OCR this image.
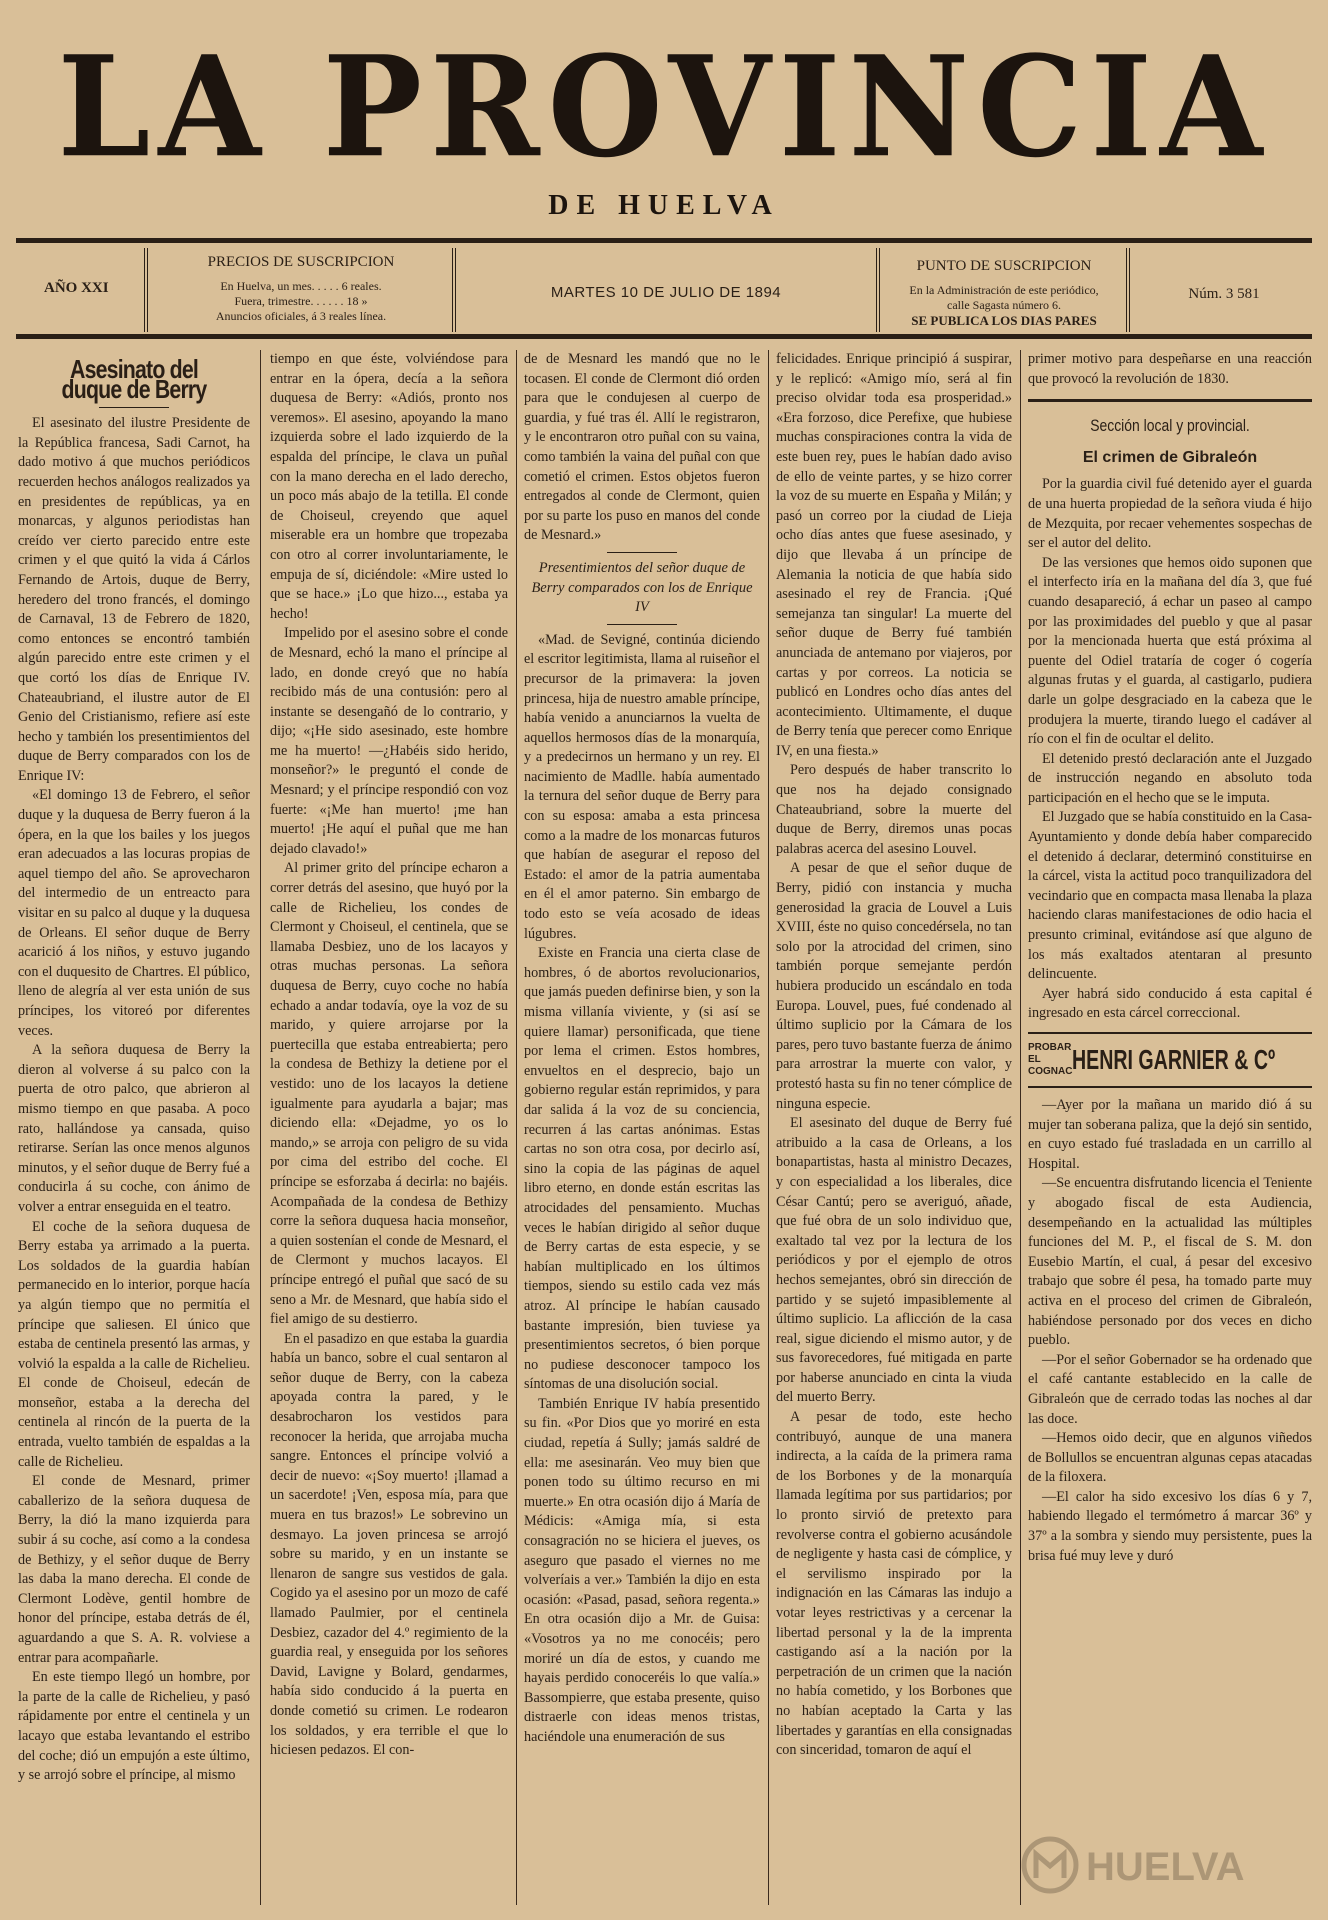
LA PROVINCIA
DE HUELVA
AÑO XXI
PRECIOS DE SUSCRIPCION
En Huelva, un mes. . . . . 6 reales.
Fuera, trimestre. . . . . . 18 »
Anuncios oficiales, á 3 reales línea.
MARTES 10 DE JULIO DE 1894
PUNTO DE SUSCRIPCION
En la Administración de este periódico,
calle Sagasta número 6.
SE PUBLICA LOS DIAS PARES
Núm. 3 581
Asesinato del duque de Berry

El asesinato del ilustre Presidente de la República francesa, Sadi Carnot, ha dado motivo á que muchos periódicos recuerden hechos análogos realizados ya en presidentes de repúblicas, ya en monarcas, y algunos periodistas han creído ver cierto parecido entre este crimen y el que quitó la vida á Cárlos Fernando de Artois, duque de Berry, heredero del trono francés, el domingo de Carnaval, 13 de Febrero de 1820, como entonces se encontró también algún parecido entre este crimen y el que cortó los días de Enrique IV. Chateaubriand, el ilustre autor de El Genio del Cristianismo, refiere así este hecho y también los presentimientos del duque de Berry comparados con los de Enrique IV:

«El domingo 13 de Febrero, el señor duque y la duquesa de Berry fueron á la ópera, en la que los bailes y los juegos eran adecuados a las locuras propias de aquel tiempo del año. Se aprovecharon del intermedio de un entreacto para visitar en su palco al duque y la duquesa de Orleans. El señor duque de Berry acarició á los niños, y estuvo jugando con el duquesito de Chartres. El público, lleno de alegría al ver esta unión de sus príncipes, los vitoreó por diferentes veces.

A la señora duquesa de Berry la dieron al volverse á su palco con la puerta de otro palco, que abrieron al mismo tiempo en que pasaba. A poco rato, hallándose ya cansada, quiso retirarse. Serían las once menos algunos minutos, y el señor duque de Berry fué a conducirla á su coche, con ánimo de volver a entrar enseguida en el teatro.

El coche de la señora duquesa de Berry estaba ya arrimado a la puerta. Los soldados de la guardia habían permanecido en lo interior, porque hacía ya algún tiempo que no permitía el príncipe que saliesen. El único que estaba de centinela presentó las armas, y volvió la espalda a la calle de Richelieu. El conde de Choiseul, edecán de monseñor, estaba a la derecha del centinela al rincón de la puerta de la entrada, vuelto también de espaldas a la calle de Richelieu.

El conde de Mesnard, primer caballerizo de la señora duquesa de Berry, la dió la mano izquierda para subir á su coche, así como a la condesa de Bethizy, y el señor duque de Berry las daba la mano derecha. El conde de Clermont Lodève, gentil hombre de honor del príncipe, estaba detrás de él, aguardando a que S. A. R. volviese a entrar para acompañarle.

En este tiempo llegó un hombre, por la parte de la calle de Richelieu, y pasó rápidamente por entre el centinela y un lacayo que estaba levantando el estribo del coche; dió un empujón a este último, y se arrojó sobre el príncipe, al mismo

tiempo en que éste, volviéndose para entrar en la ópera, decía a la señora duquesa de Berry: «Adiós, pronto nos veremos». El asesino, apoyando la mano izquierda sobre el lado izquierdo de la espalda del príncipe, le clava un puñal con la mano derecha en el lado derecho, un poco más abajo de la tetilla. El conde de Choiseul, creyendo que aquel miserable era un hombre que tropezaba con otro al correr involuntariamente, le empuja de sí, diciéndole: «Mire usted lo que se hace.» ¡Lo que hizo..., estaba ya hecho!

Impelido por el asesino sobre el conde de Mesnard, echó la mano el príncipe al lado, en donde creyó que no había recibido más de una contusión: pero al instante se desengañó de lo contrario, y dijo; «¡He sido asesinado, este hombre me ha muerto! —¿Habéis sido herido, monseñor?» le preguntó el conde de Mesnard; y el príncipe respondió con voz fuerte: «¡Me han muerto! ¡me han muerto! ¡He aquí el puñal que me han dejado clavado!»

Al primer grito del príncipe echaron a correr detrás del asesino, que huyó por la calle de Richelieu, los condes de Clermont y Choiseul, el centinela, que se llamaba Desbiez, uno de los lacayos y otras muchas personas. La señora duquesa de Berry, cuyo coche no había echado a andar todavía, oye la voz de su marido, y quiere arrojarse por la puertecilla que estaba entreabierta; pero la condesa de Bethizy la detiene por el vestido: uno de los lacayos la detiene igualmente para ayudarla a bajar; mas diciendo ella: «Dejadme, yo os lo mando,» se arroja con peligro de su vida por cima del estribo del coche. El príncipe se esforzaba á decirla: no bajéis. Acompañada de la condesa de Bethizy corre la señora duquesa hacia monseñor, a quien sostenían el conde de Mesnard, el de Clermont y muchos lacayos. El príncipe entregó el puñal que sacó de su seno a Mr. de Mesnard, que había sido el fiel amigo de su destierro.

En el pasadizo en que estaba la guardia había un banco, sobre el cual sentaron al señor duque de Berry, con la cabeza apoyada contra la pared, y le desabrocharon los vestidos para reconocer la herida, que arrojaba mucha sangre. Entonces el príncipe volvió a decir de nuevo: «¡Soy muerto! ¡llamad a un sacerdote! ¡Ven, esposa mía, para que muera en tus brazos!» Le sobrevino un desmayo. La joven princesa se arrojó sobre su marido, y en un instante se llenaron de sangre sus vestidos de gala. Cogido ya el asesino por un mozo de café llamado Paulmier, por el centinela Desbiez, cazador del 4.º regimiento de la guardia real, y enseguida por los señores David, Lavigne y Bolard, gendarmes, había sido conducido á la puerta en donde cometió su crimen. Le rodearon los soldados, y era terrible el que lo hiciesen pedazos. El con-

de de Mesnard les mandó que no le tocasen. El conde de Clermont dió orden para que le condujesen al cuerpo de guardia, y fué tras él. Allí le registraron, y le encontraron otro puñal con su vaina, como también la vaina del puñal con que cometió el crimen. Estos objetos fueron entregados al conde de Clermont, quien por su parte los puso en manos del conde de Mesnard.»

Presentimientos del señor duque de Berry comparados con los de Enrique IV

«Mad. de Sevigné, continúa diciendo el escritor legitimista, llama al ruiseñor el precursor de la primavera: la joven princesa, hija de nuestro amable príncipe, había venido a anunciarnos la vuelta de aquellos hermosos días de la monarquía, y a predecirnos un hermano y un rey. El nacimiento de Madlle. había aumentado la ternura del señor duque de Berry para con su esposa: amaba a esta princesa como a la madre de los monarcas futuros que habían de asegurar el reposo del Estado: el amor de la patria aumentaba en él el amor paterno. Sin embargo de todo esto se veía acosado de ideas lúgubres.

Existe en Francia una cierta clase de hombres, ó de abortos revolucionarios, que jamás pueden definirse bien, y son la misma villanía viviente, y (si así se quiere llamar) personificada, que tiene por lema el crimen. Estos hombres, envueltos en el desprecio, bajo un gobierno regular están reprimidos, y para dar salida á la voz de su conciencia, recurren á las cartas anónimas. Estas cartas no son otra cosa, por decirlo así, sino la copia de las páginas de aquel libro eterno, en donde están escritas las atrocidades del pensamiento. Muchas veces le habían dirigido al señor duque de Berry cartas de esta especie, y se habían multiplicado en los últimos tiempos, siendo su estilo cada vez más atroz. Al príncipe le habían causado bastante impresión, bien tuviese ya presentimientos secretos, ó bien porque no pudiese desconocer tampoco los síntomas de una disolución social.

También Enrique IV había presentido su fin. «Por Dios que yo moriré en esta ciudad, repetía á Sully; jamás saldré de ella: me asesinarán. Veo muy bien que ponen todo su último recurso en mi muerte.» En otra ocasión dijo á María de Médicis: «Amiga mía, si esta consagración no se hiciera el jueves, os aseguro que pasado el viernes no me volveríais a ver.» También la dijo en esta ocasión: «Pasad, pasad, señora regenta.» En otra ocasión dijo a Mr. de Guisa: «Vosotros ya no me conocéis; pero moriré un día de estos, y cuando me hayais perdido conoceréis lo que valía.» Bassompierre, que estaba presente, quiso distraerle con ideas menos tristas, haciéndole una enumeración de sus

felicidades. Enrique principió á suspirar, y le replicó: «Amigo mío, será al fin preciso olvidar toda esa prosperidad.» «Era forzoso, dice Perefixe, que hubiese muchas conspiraciones contra la vida de este buen rey, pues le habían dado aviso de ello de veinte partes, y se hizo correr la voz de su muerte en España y Milán; y pasó un correo por la ciudad de Lieja ocho días antes que fuese asesinado, y dijo que llevaba á un príncipe de Alemania la noticia de que había sido asesinado el rey de Francia. ¡Qué semejanza tan singular! La muerte del señor duque de Berry fué también anunciada de antemano por viajeros, por cartas y por correos. La noticia se publicó en Londres ocho días antes del acontecimiento. Ultimamente, el duque de Berry tenía que perecer como Enrique IV, en una fiesta.»

Pero después de haber transcrito lo que nos ha dejado consignado Chateaubriand, sobre la muerte del duque de Berry, diremos unas pocas palabras acerca del asesino Louvel.

A pesar de que el señor duque de Berry, pidió con instancia y mucha generosidad la gracia de Louvel a Luis XVIII, éste no quiso concedérsela, no tan solo por la atrocidad del crimen, sino también porque semejante perdón hubiera producido un escándalo en toda Europa. Louvel, pues, fué condenado al último suplicio por la Cámara de los pares, pero tuvo bastante fuerza de ánimo para arrostrar la muerte con valor, y protestó hasta su fin no tener cómplice de ninguna especie.

El asesinato del duque de Berry fué atribuido a la casa de Orleans, a los bonapartistas, hasta al ministro Decazes, y con especialidad a los liberales, dice César Cantú; pero se averiguó, añade, que fué obra de un solo individuo que, exaltado tal vez por la lectura de los periódicos y por el ejemplo de otros hechos semejantes, obró sin dirección de partido y se sujetó impasiblemente al último suplicio. La aflicción de la casa real, sigue diciendo el mismo autor, y de sus favorecedores, fué mitigada en parte por haberse anunciado en cinta la viuda del muerto Berry.

A pesar de todo, este hecho contribuyó, aunque de una manera indirecta, a la caída de la primera rama de los Borbones y de la monarquía llamada legítima por sus partidarios; por lo pronto sirvió de pretexto para revolverse contra el gobierno acusándole de negligente y hasta casi de cómplice, y el servilismo inspirado por la indignación en las Cámaras las indujo a votar leyes restrictivas y a cercenar la libertad personal y la de la imprenta castigando así a la nación por la perpetración de un crimen que la nación no había cometido, y los Borbones que no habían aceptado la Carta y las libertades y garantías en ella consignadas con sinceridad, tomaron de aquí el

primer motivo para despeñarse en una reacción que provocó la revolución de 1830.

Sección local y provincial.
El crimen de Gibraleón

Por la guardia civil fué detenido ayer el guarda de una huerta propiedad de la señora viuda é hijo de Mezquita, por recaer vehementes sospechas de ser el autor del delito.

De las versiones que hemos oido suponen que el interfecto iría en la mañana del día 3, que fué cuando desapareció, á echar un paseo al campo por las proximidades del pueblo y que al pasar por la mencionada huerta que está próxima al puente del Odiel trataría de coger ó cogería algunas frutas y el guarda, al castigarlo, pudiera darle un golpe desgraciado en la cabeza que le produjera la muerte, tirando luego el cadáver al río con el fin de ocultar el delito.

El detenido prestó declaración ante el Juzgado de instrucción negando en absoluto toda participación en el hecho que se le imputa.

El Juzgado que se había constituido en la Casa-Ayuntamiento y donde debía haber comparecido el detenido á declarar, determinó constituirse en la cárcel, vista la actitud poco tranquilizadora del vecindario que en compacta masa llenaba la plaza haciendo claras manifestaciones de odio hacia el presunto criminal, evitándose así que alguno de los más exaltados atentaran al presunto delincuente.

Ayer habrá sido conducido á esta capital é ingresado en esta cárcel correccional.

PROBAR
EL
COGNAC HENRI GARNIER & Cº

—Ayer por la mañana un marido dió á su mujer tan soberana paliza, que la dejó sin sentido, en cuyo estado fué trasladada en un carrillo al Hospital.

—Se encuentra disfrutando licencia el Teniente y abogado fiscal de esta Audiencia, desempeñando en la actualidad las múltiples funciones del M. P., el fiscal de S. M. don Eusebio Martín, el cual, á pesar del excesivo trabajo que sobre él pesa, ha tomado parte muy activa en el proceso del crimen de Gibraleón, habiéndose personado por dos veces en dicho pueblo.

—Por el señor Gobernador se ha ordenado que el café cantante establecido en la calle de Gibraleón que de cerrado todas las noches al dar las doce.

—Hemos oido decir, que en algunos viñedos de Bollullos se encuentran algunas cepas atacadas de la filoxera.

—El calor ha sido excesivo los días 6 y 7, habiendo llegado el termómetro á marcar 36º y 37º a la sombra y siendo muy persistente, pues la brisa fué muy leve y duró

HUELVA
